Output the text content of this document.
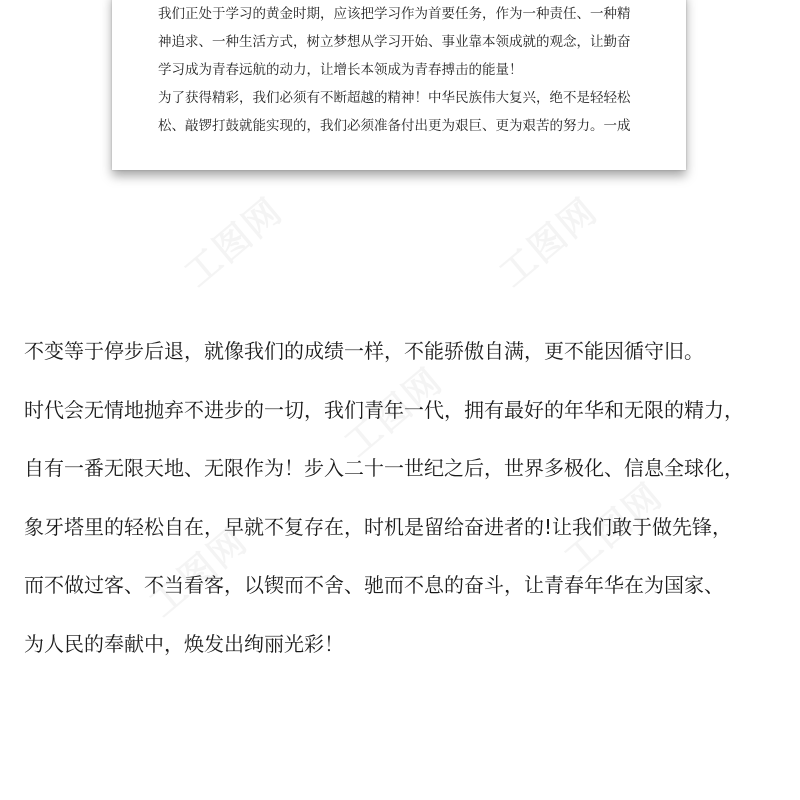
我们正处于学习的黄金时期，应该把学习作为首要任务，作为一种责任、一种精
神追求、一种生活方式，树立梦想从学习开始、事业靠本领成就的观念，让勤奋
学习成为青春远航的动力，让增长本领成为青春搏击的能量！
为了获得精彩，我们必须有不断超越的精神！中华民族伟大复兴，绝不是轻轻松
松、敲锣打鼓就能实现的，我们必须准备付出更为艰巨、更为艰苦的努力。一成
不变等于停步后退，就像我们的成绩一样，不能骄傲自满，更不能因循守旧。
时代会无情地抛弃不进步的一切，我们青年一代，拥有最好的年华和无限的精力，
自有一番无限天地、无限作为！步入二十一世纪之后，世界多极化、信息全球化，
象牙塔里的轻松自在，早就不复存在，时机是留给奋进者的!让我们敢于做先锋，
而不做过客、不当看客，以锲而不舍、驰而不息的奋斗，让青春年华在为国家、
为人民的奉献中，焕发出绚丽光彩！
